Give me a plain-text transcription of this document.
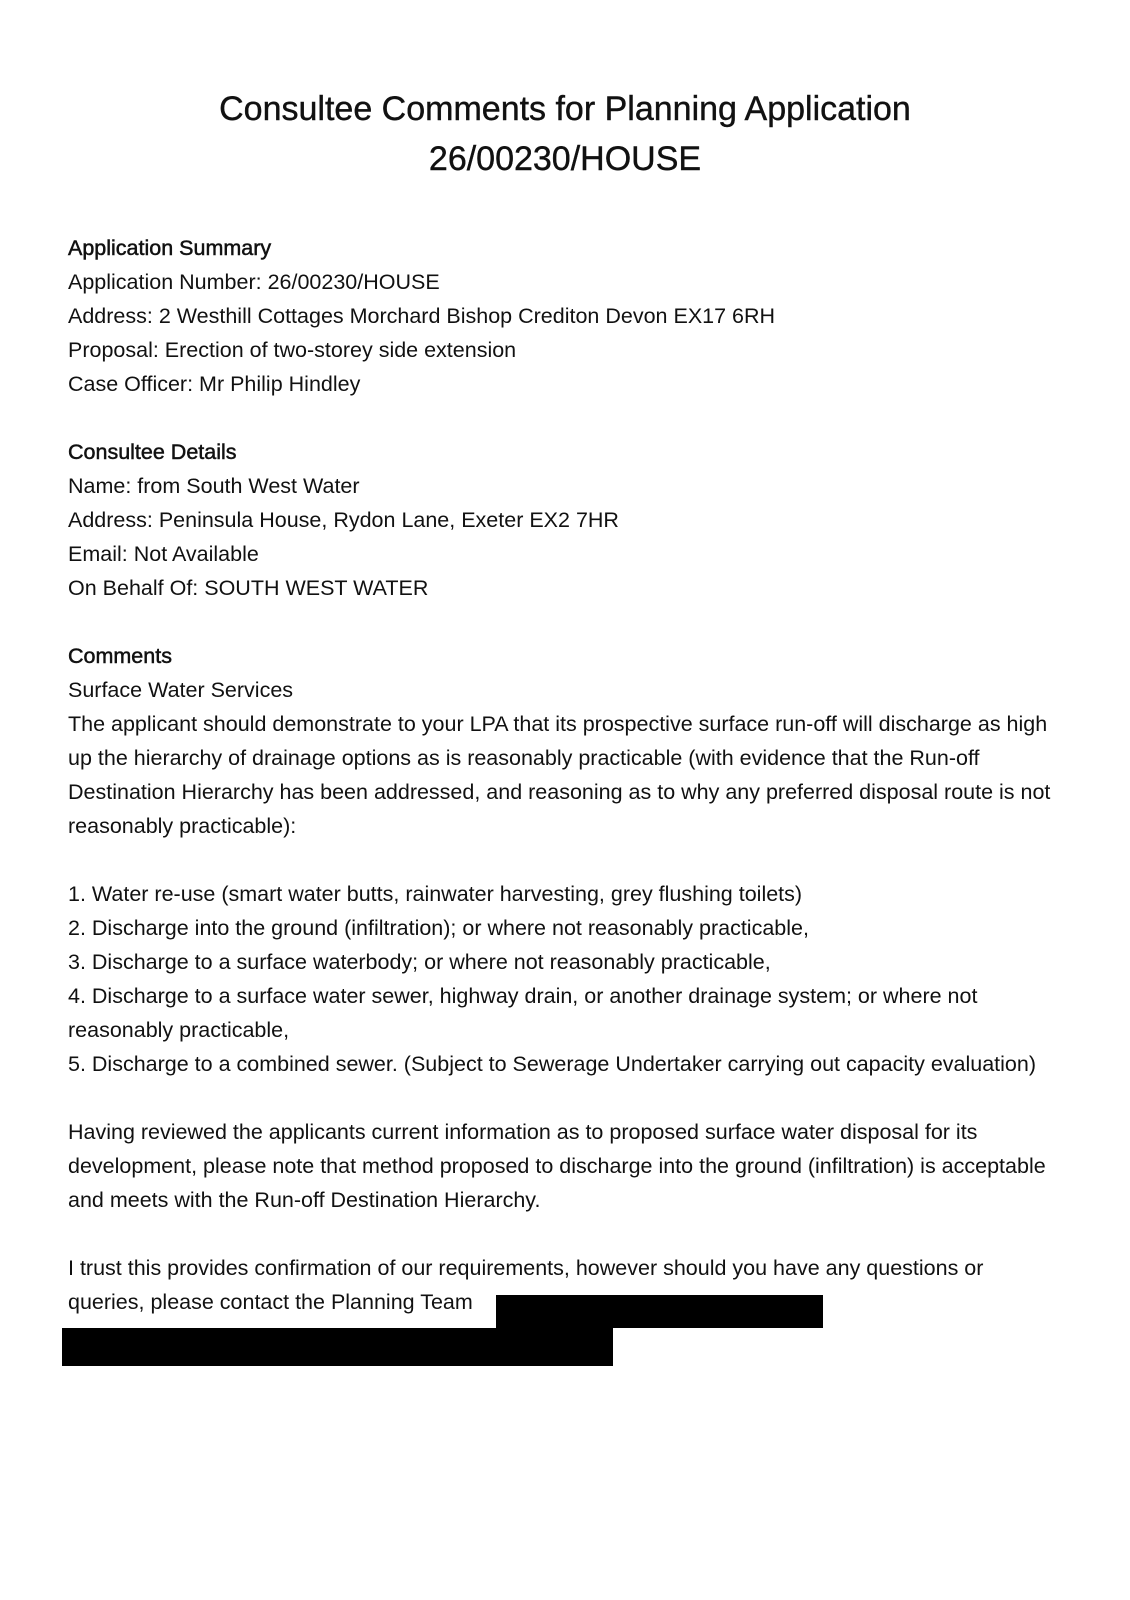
Consultee Comments for Planning Application
26/00230/HOUSE

Application Summary

Application Number: 26/00230/HOUSE

Address: 2 Westhill Cottages Morchard Bishop Crediton Devon EX17 6RH

Proposal: Erection of two-storey side extension

Case Officer: Mr Philip Hindley

Consultee Details

Name: from South West Water

Address: Peninsula House, Rydon Lane, Exeter EX2 7HR

Email: Not Available

On Behalf Of: SOUTH WEST WATER

Comments

Surface Water Services

The applicant should demonstrate to your LPA that its prospective surface run-off will discharge as high up the hierarchy of drainage options as is reasonably practicable (with evidence that the Run-off Destination Hierarchy has been addressed, and reasoning as to why any preferred disposal route is not reasonably practicable):

1. Water re-use (smart water butts, rainwater harvesting, grey flushing toilets)

2. Discharge into the ground (infiltration); or where not reasonably practicable,

3. Discharge to a surface waterbody; or where not reasonably practicable,

4. Discharge to a surface water sewer, highway drain, or another drainage system; or where not reasonably practicable,

5. Discharge to a combined sewer. (Subject to Sewerage Undertaker carrying out capacity evaluation)

Having reviewed the applicants current information as to proposed surface water disposal for its development, please note that method proposed to discharge into the ground (infiltration) is acceptable and meets with the Run-off Destination Hierarchy.

I trust this provides confirmation of our requirements, however should you have any questions or queries, please contact the Planning Team
